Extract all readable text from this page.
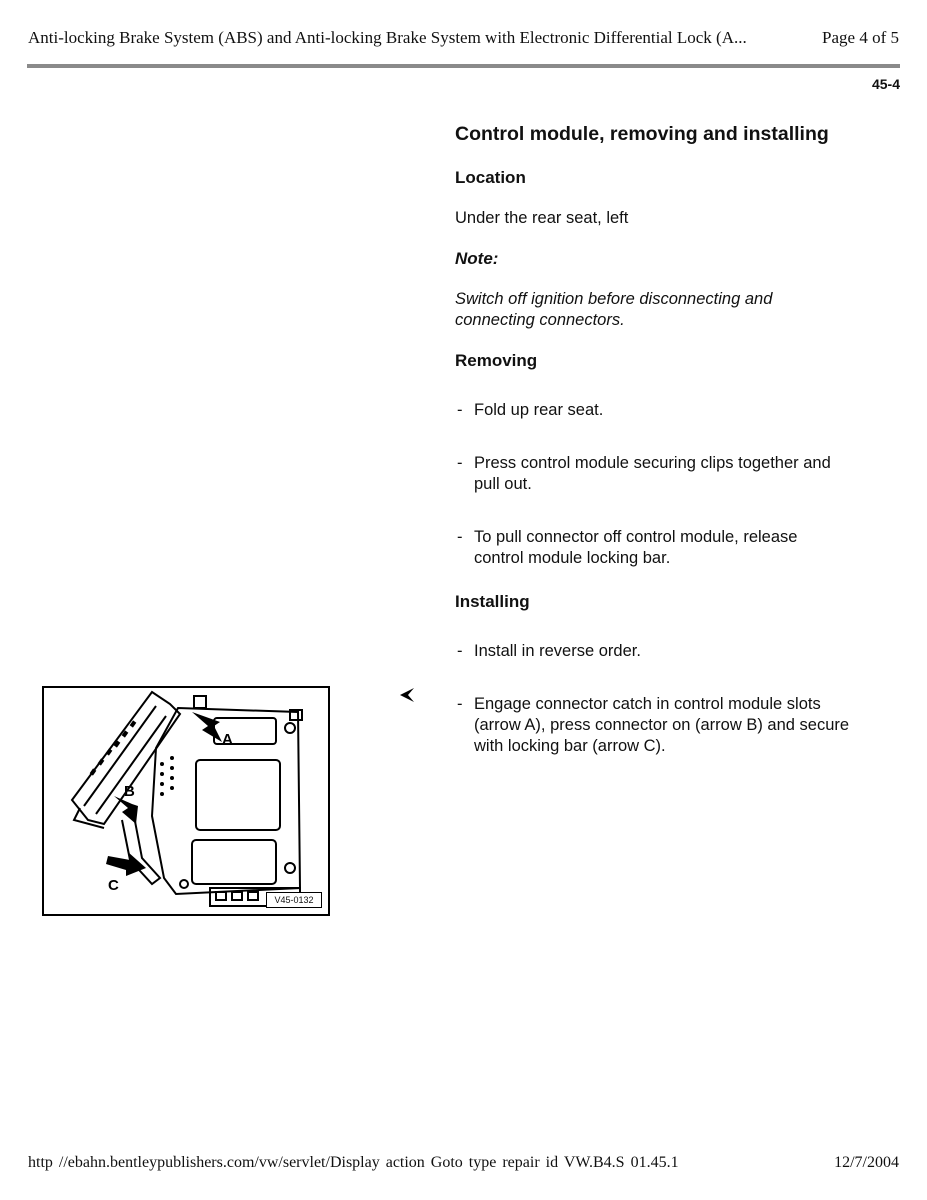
Anti-locking Brake System (ABS) and Anti-locking Brake System with Electronic Differential Lock (A...	Page 4 of 5
45-4
Control module, removing and installing
Location
Under the rear seat, left
Note:
Switch off ignition before disconnecting and connecting connectors.
Removing
- Fold up rear seat.
- Press control module securing clips together and pull out.
- To pull connector off control module, release control module locking bar.
Installing
- Install in reverse order.
- Engage connector catch in control module slots (arrow A), press connector on (arrow B) and secure with locking bar (arrow C).
A
B
C
V45-0132
http //ebahn.bentleypublishers.com/vw/servlet/Display action Goto type repair id VW.B4.S 01.45.1	12/7/2004
